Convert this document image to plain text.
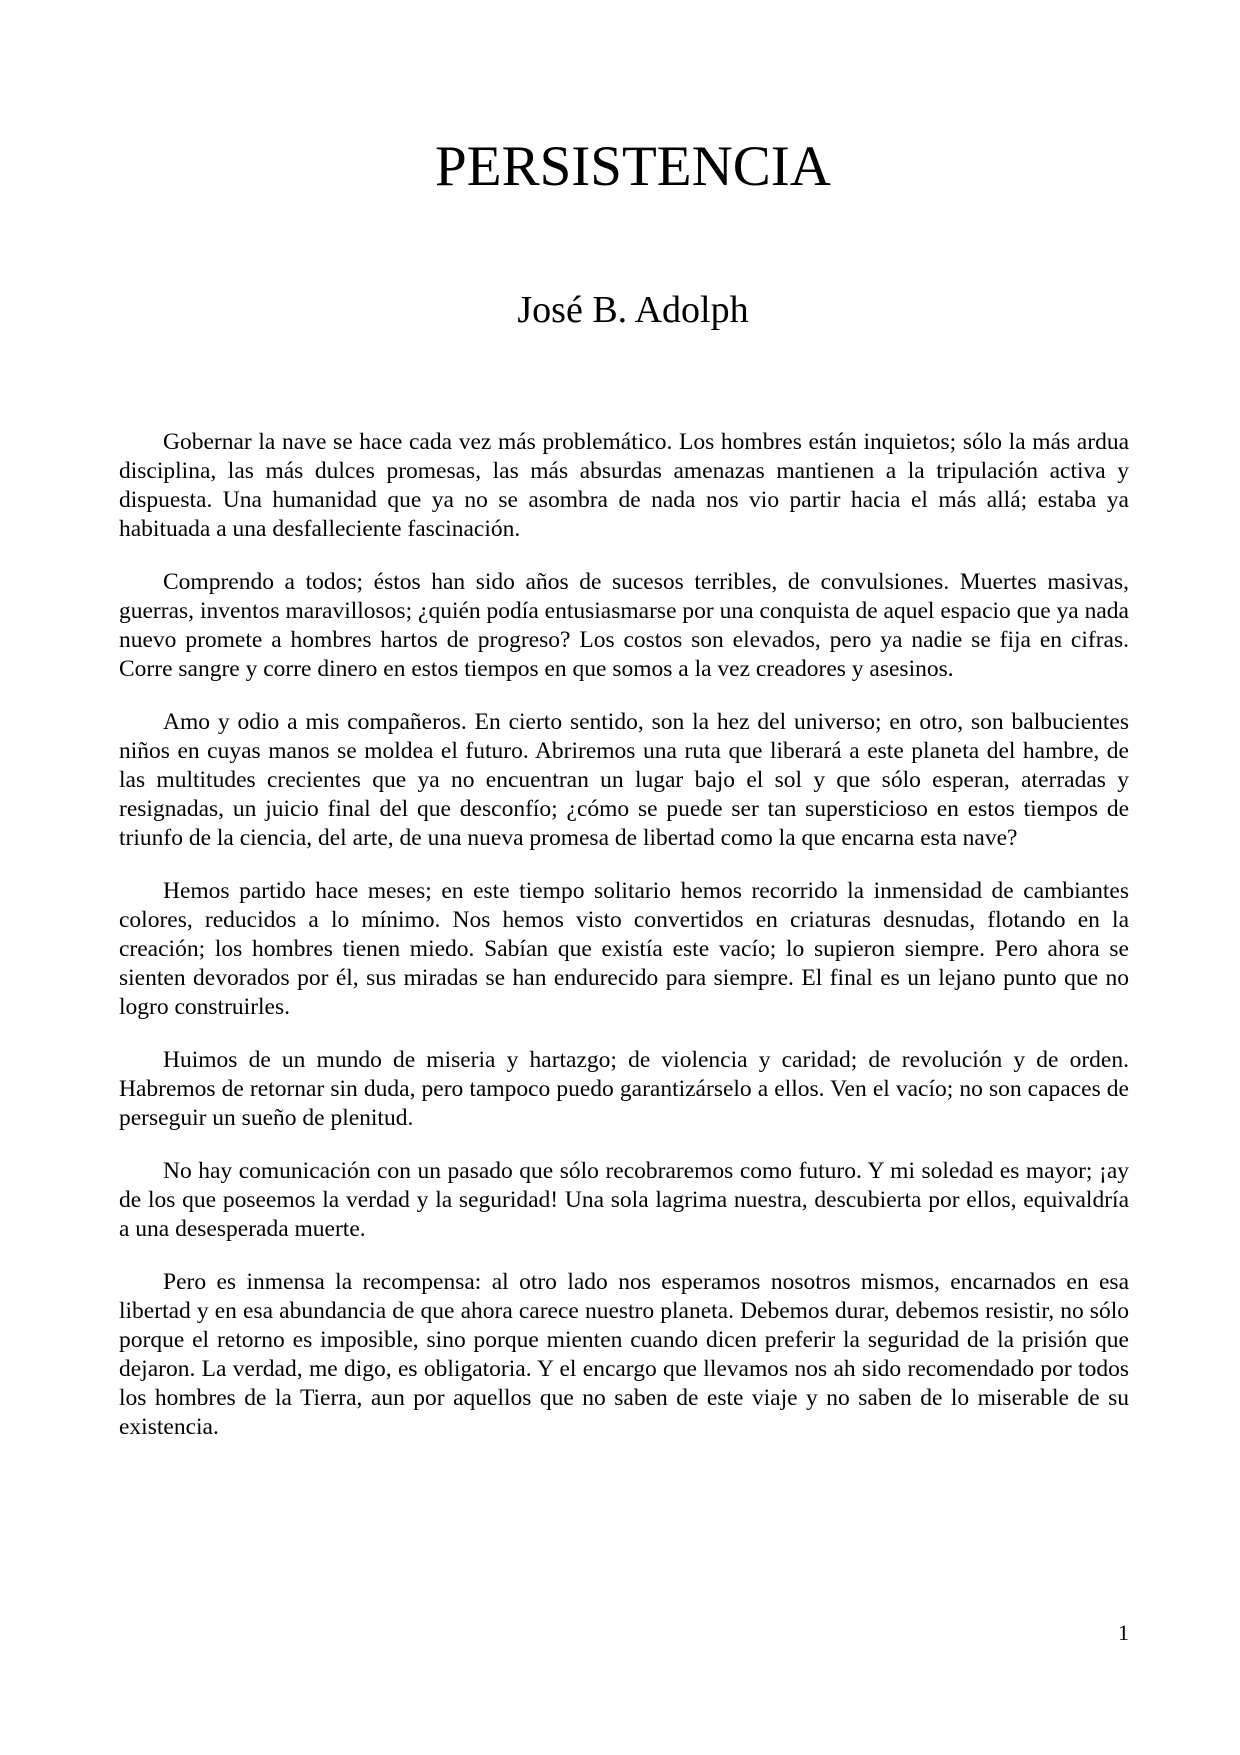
PERSISTENCIA
José B. Adolph

Gobernar la nave se hace cada vez más problemático. Los hombres están inquietos; sólo la más ardua disciplina, las más dulces promesas, las más absurdas amenazas mantienen a la tripulación activa y dispuesta. Una humanidad que ya no se asombra de nada nos vio partir hacia el más allá; estaba ya habituada a una desfalleciente fascinación.

Comprendo a todos; éstos han sido años de sucesos terribles, de convulsiones. Muertes masivas, guerras, inventos maravillosos; ¿quién podía entusiasmarse por una conquista de aquel espacio que ya nada nuevo promete a hombres hartos de progreso? Los costos son elevados, pero ya nadie se fija en cifras. Corre sangre y corre dinero en estos tiempos en que somos a la vez creadores y asesinos.

Amo y odio a mis compañeros. En cierto sentido, son la hez del universo; en otro, son balbucientes niños en cuyas manos se moldea el futuro. Abriremos una ruta que liberará a este planeta del hambre, de las multitudes crecientes que ya no encuentran un lugar bajo el sol y que sólo esperan, aterradas y resignadas, un juicio final del que desconfío; ¿cómo se puede ser tan supersticioso en estos tiempos de triunfo de la ciencia, del arte, de una nueva promesa de libertad como la que encarna esta nave?

Hemos partido hace meses; en este tiempo solitario hemos recorrido la inmensidad de cambiantes colores, reducidos a lo mínimo. Nos hemos visto convertidos en criaturas desnudas, flotando en la creación; los hombres tienen miedo. Sabían que existía este vacío; lo supieron siempre. Pero ahora se sienten devorados por él, sus miradas se han endurecido para siempre. El final es un lejano punto que no logro construirles.

Huimos de un mundo de miseria y hartazgo; de violencia y caridad; de revolución y de orden. Habremos de retornar sin duda, pero tampoco puedo garantizárselo a ellos. Ven el vacío; no son capaces de perseguir un sueño de plenitud.

No hay comunicación con un pasado que sólo recobraremos como futuro. Y mi soledad es mayor; ¡ay de los que poseemos la verdad y la seguridad! Una sola lagrima nuestra, descubierta por ellos, equivaldría a una desesperada muerte.

Pero es inmensa la recompensa: al otro lado nos esperamos nosotros mismos, encarnados en esa libertad y en esa abundancia de que ahora carece nuestro planeta. Debemos durar, debemos resistir, no sólo porque el retorno es imposible, sino porque mienten cuando dicen preferir la seguridad de la prisión que dejaron. La verdad, me digo, es obligatoria. Y el encargo que llevamos nos ah sido recomendado por todos los hombres de la Tierra, aun por aquellos que no saben de este viaje y no saben de lo miserable de su existencia.

1
